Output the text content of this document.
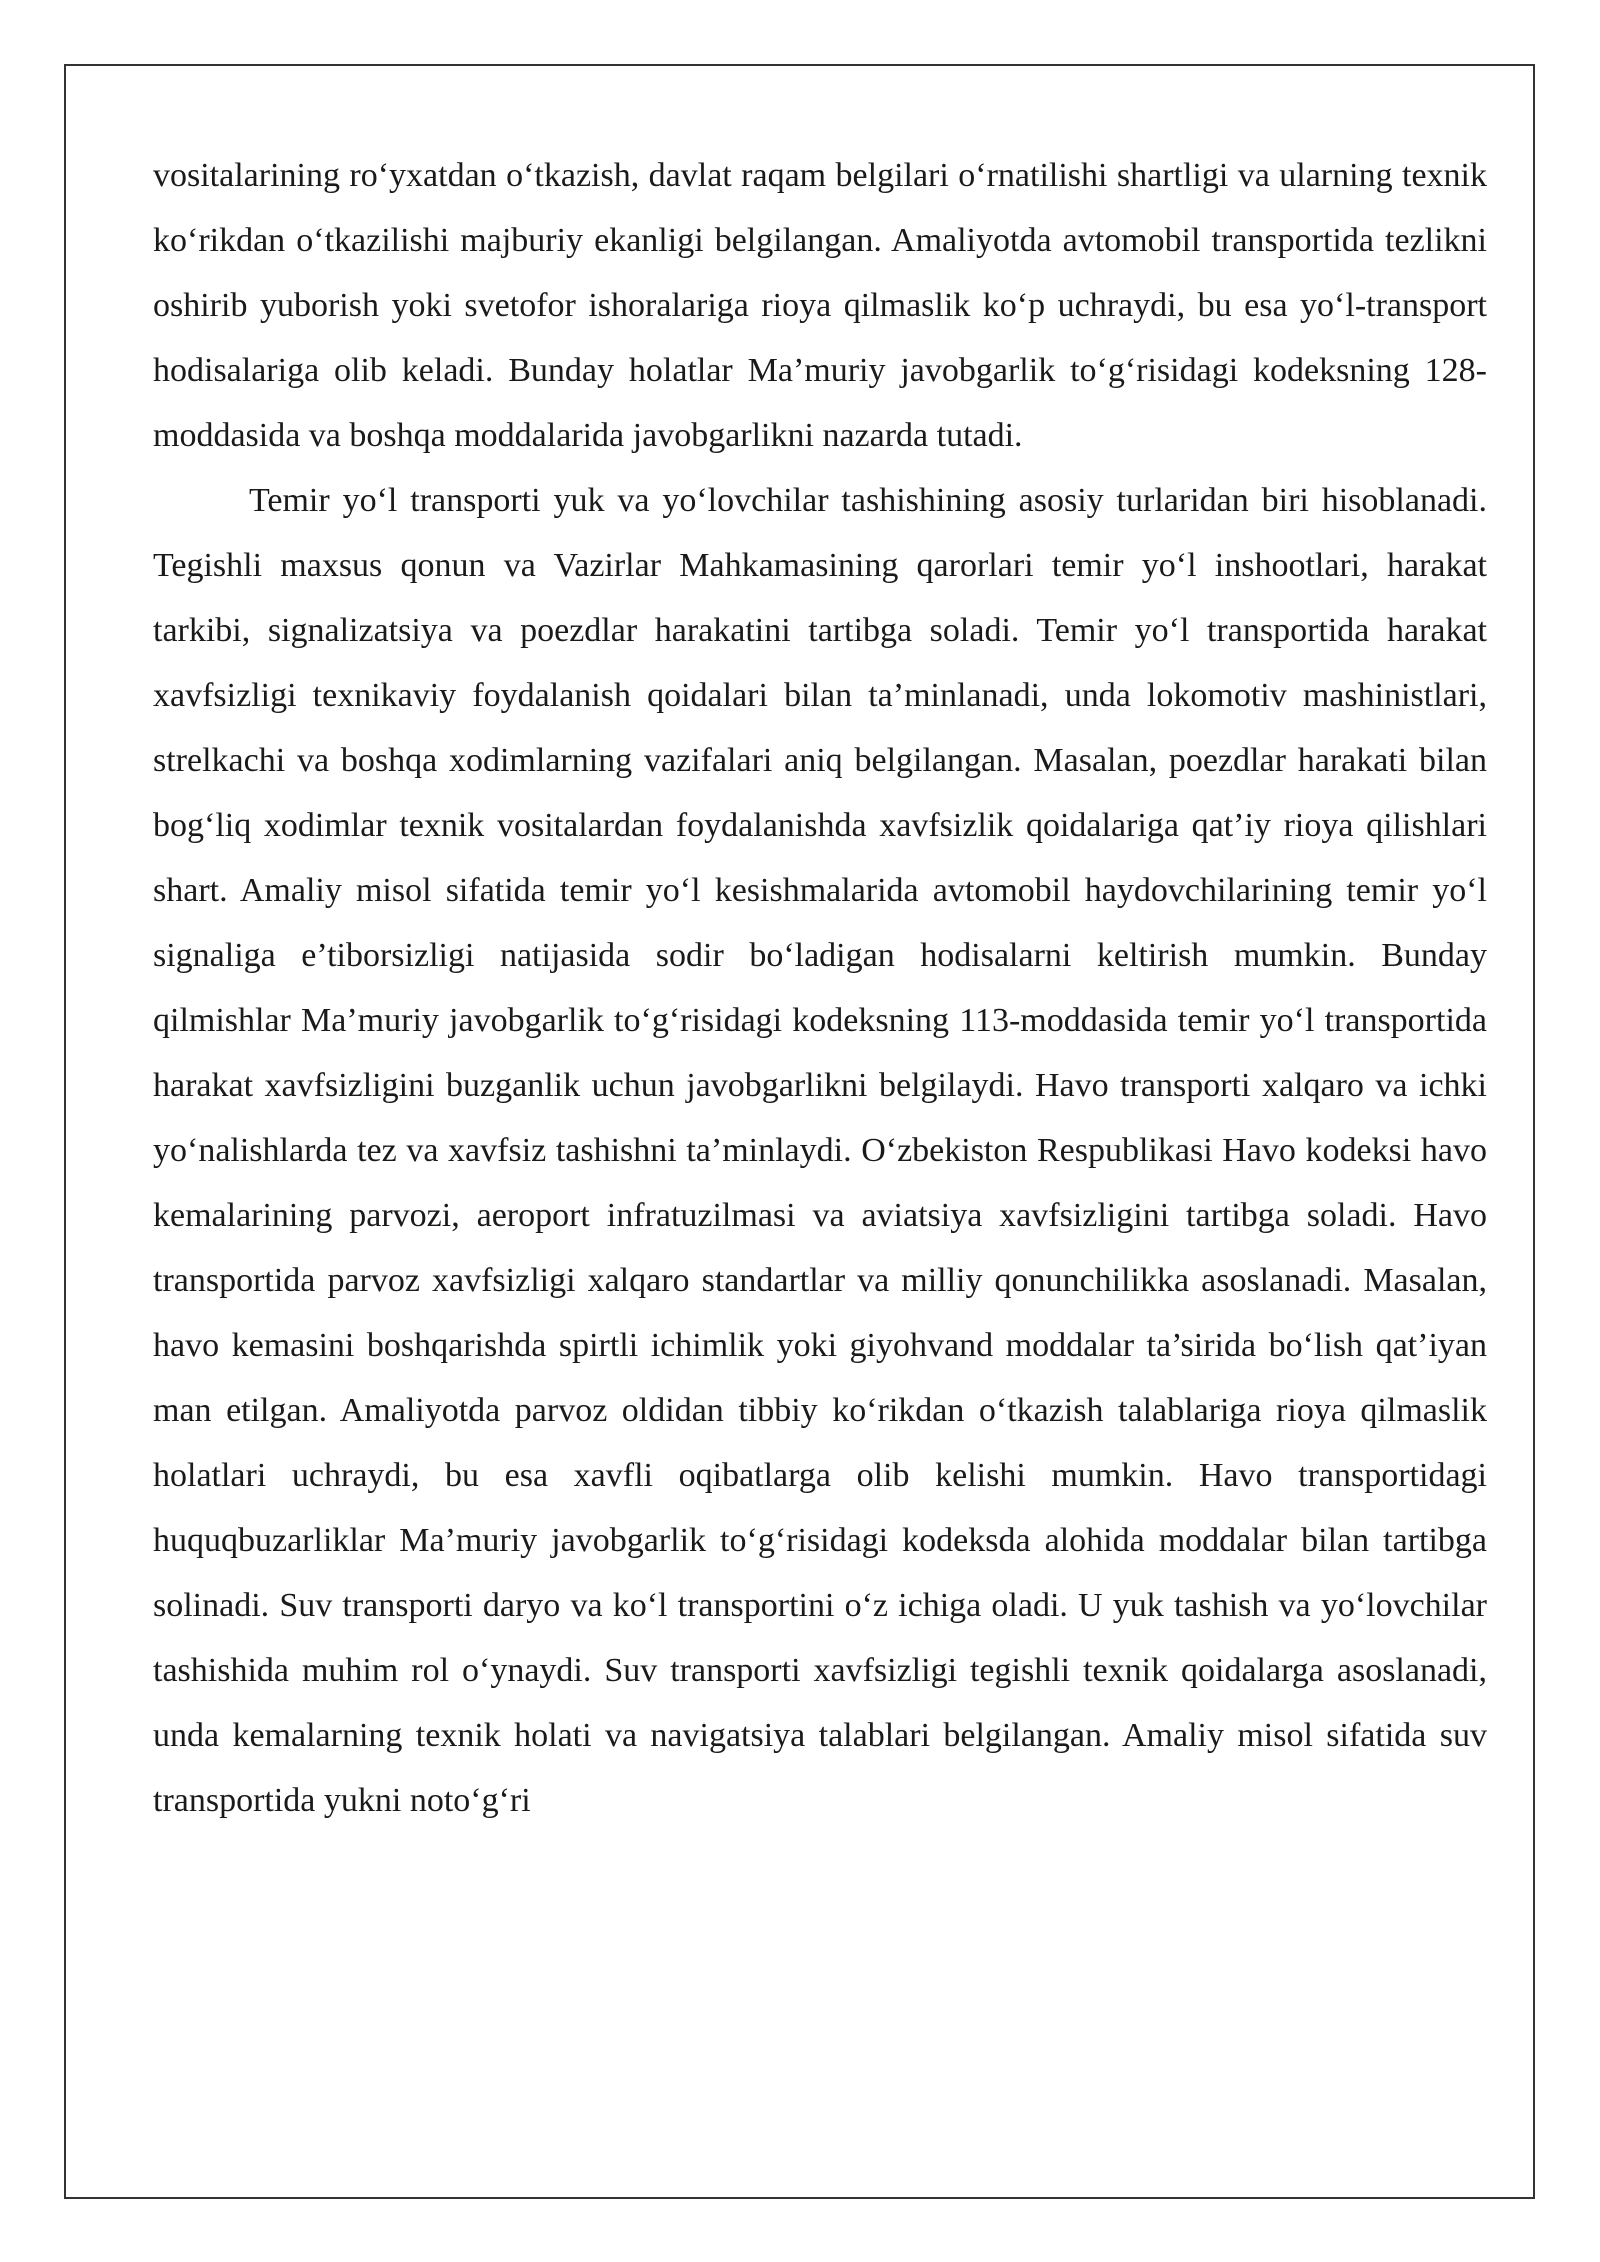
vositalarining ro‘yxatdan o‘tkazish, davlat raqam belgilari o‘rnatilishi shartligi va ularning texnik ko‘rikdan o‘tkazilishi majburiy ekanligi belgilangan. Amaliyotda avtomobil transportida tezlikni oshirib yuborish yoki svetofor ishoralariga rioya qilmaslik ko‘p uchraydi, bu esa yo‘l-transport hodisalariga olib keladi. Bunday holatlar Ma’muriy javobgarlik to‘g‘risidagi kodeksning 128-moddasida va boshqa moddalarida javobgarlikni nazarda tutadi.

Temir yo‘l transporti yuk va yo‘lovchilar tashishining asosiy turlaridan biri hisoblanadi. Tegishli maxsus qonun va Vazirlar Mahkamasining qarorlari temir yo‘l inshootlari, harakat tarkibi, signalizatsiya va poezdlar harakatini tartibga soladi. Temir yo‘l transportida harakat xavfsizligi texnikaviy foydalanish qoidalari bilan ta’minlanadi, unda lokomotiv mashinistlari, strelkachi va boshqa xodimlarning vazifalari aniq belgilangan. Masalan, poezdlar harakati bilan bog‘liq xodimlar texnik vositalardan foydalanishda xavfsizlik qoidalariga qat’iy rioya qilishlari shart. Amaliy misol sifatida temir yo‘l kesishmalarida avtomobil haydovchilarining temir yo‘l signaliga e’tiborsizligi natijasida sodir bo‘ladigan hodisalarni keltirish mumkin. Bunday qilmishlar Ma’muriy javobgarlik to‘g‘risidagi kodeksning 113-moddasida temir yo‘l transportida harakat xavfsizligini buzganlik uchun javobgarlikni belgilaydi. Havo transporti xalqaro va ichki yo‘nalishlarda tez va xavfsiz tashishni ta’minlaydi. O‘zbekiston Respublikasi Havo kodeksi havo kemalarining parvozi, aeroport infratuzilmasi va aviatsiya xavfsizligini tartibga soladi. Havo transportida parvoz xavfsizligi xalqaro standartlar va milliy qonunchilikka asoslanadi. Masalan, havo kemasini boshqarishda spirtli ichimlik yoki giyohvand moddalar ta’sirida bo‘lish qat’iyan man etilgan. Amaliyotda parvoz oldidan tibbiy ko‘rikdan o‘tkazish talablariga rioya qilmaslik holatlari uchraydi, bu esa xavfli oqibatlarga olib kelishi mumkin. Havo transportidagi huquqbuzarliklar Ma’muriy javobgarlik to‘g‘risidagi kodeksda alohida moddalar bilan tartibga solinadi. Suv transporti daryo va ko‘l transportini o‘z ichiga oladi. U yuk tashish va yo‘lovchilar tashishida muhim rol o‘ynaydi. Suv transporti xavfsizligi tegishli texnik qoidalarga asoslanadi, unda kemalarning texnik holati va navigatsiya talablari belgilangan. Amaliy misol sifatida suv transportida yukni noto‘g‘ri
